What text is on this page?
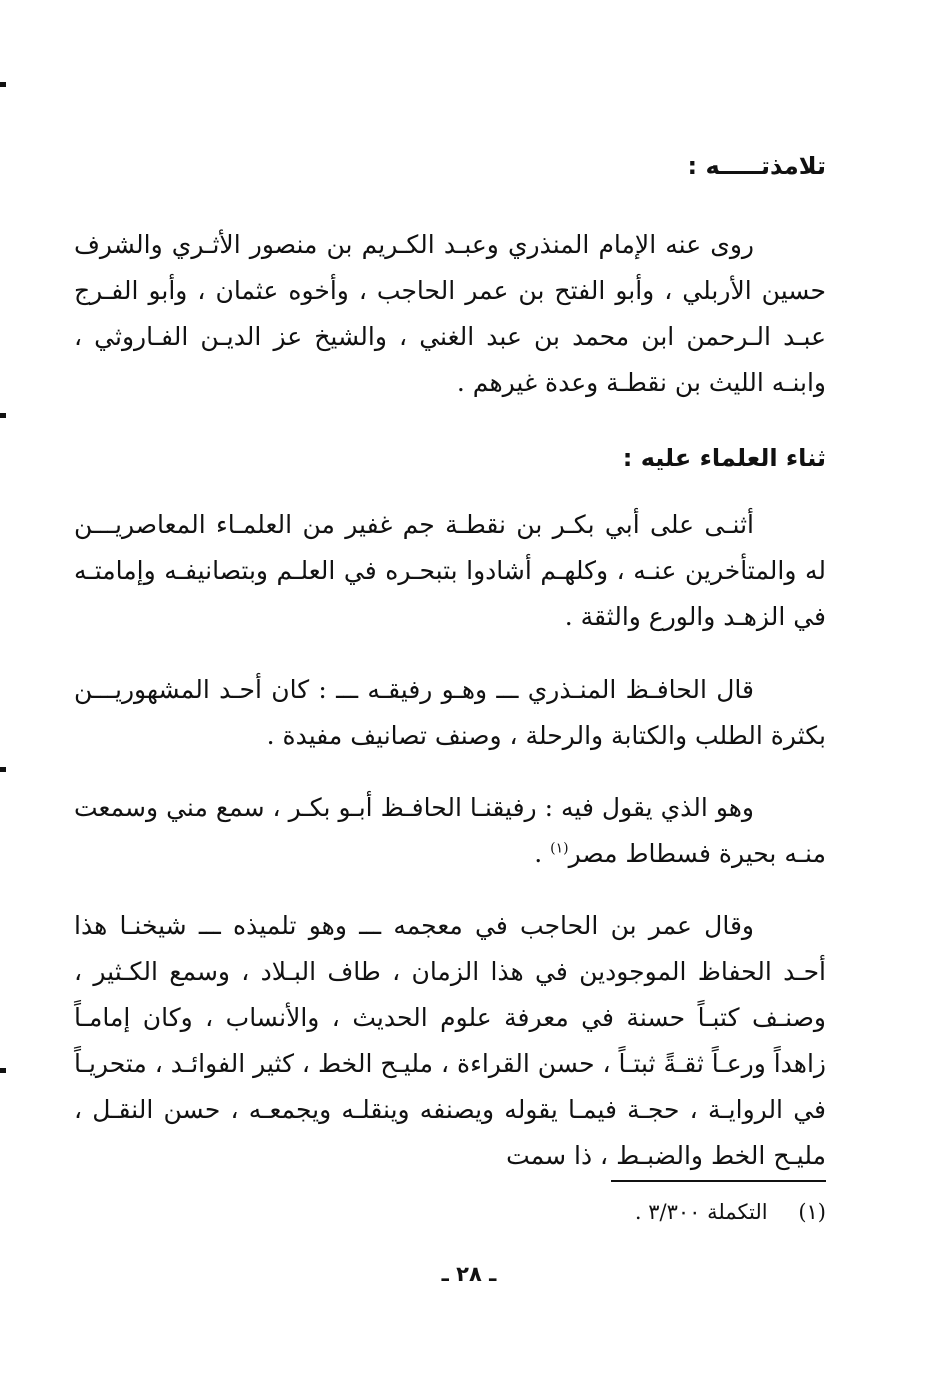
تلامذتـــــه :

روى عنه الإمام المنذري وعبـد الكـريم بن منصور الأثـري والشرف حسين الأربلي ، وأبو الفتح بن عمر الحاجب ، وأخوه عثمان ، وأبو الفـرج عبـد الـرحمن ابن محمد بن عبد الغني ، والشيخ عز الديـن الفـاروثي ، وابنـه الليث بن نقطـة وعدة غيرهم .

ثناء العلماء عليه :

أثنـى على أبي بكـر بن نقطـة جم غفير من العلمـاء المعاصريـــن له والمتأخرين عنـه ، وكلهـم أشادوا بتبحـره في العلـم وبتصانيفـه وإمامتـه في الزهـد والورع والثقة .

قال الحافـظ المنـذري ـــ وهـو رفيقـه ـــ : كان أحـد المشهوريـــن بكثرة الطلب والكتابة والرحلة ، وصنف تصانيف مفيدة .

وهو الذي يقول فيه : رفيقنـا الحافـظ أبـو بكـر ، سمع مني وسمعت منـه بحيرة فسطاط مصر$^{(١)}$ .

وقال عمر بن الحاجب في معجمه ـــ وهو تلميذه ـــ شيخنـا هذا أحـد الحفاظ الموجودين في هذا الزمان ، طاف البـلاد ، وسمع الكـثير ، وصنـف كتبـاً حسنة في معرفة علوم الحديث ، والأنساب ، وكان إمامـاً زاهداً ورعـاً ثقـةً ثبتـاً ، حسن القراءة ، مليـح الخط ، كثير الفوائـد ، متحريـاً في الروايـة ، حجـة فيمـا يقوله ويصنفه وينقلـه ويجمعـه ، حسن النقـل ، مليـح الخط والضبـط ، ذا سمت

(١) التكملة ٣/٣٠٠ .
ـ ٢٨ ـ
